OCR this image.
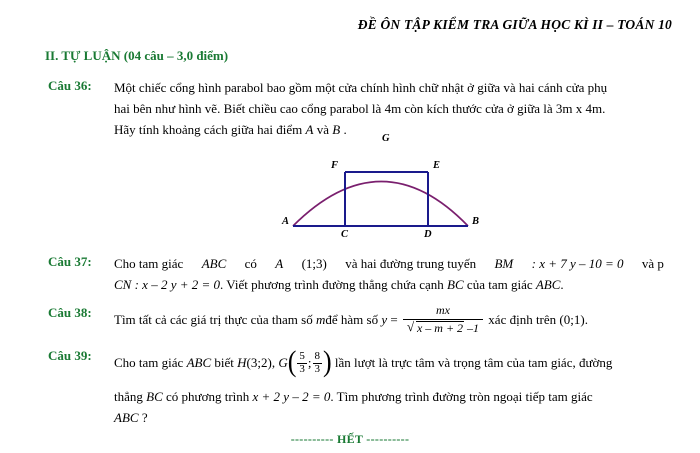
ĐỀ ÔN TẬP KIỂM TRA GIỮA HỌC KÌ II – TOÁN 10
II. TỰ LUẬN (04 câu – 3,0 điểm)
Câu 36:	Một chiếc cổng hình parabol bao gồm một cửa chính hình chữ nhật ở giữa và hai cánh cửa phụ
hai bên như hình vẽ. Biết chiều cao cổng parabol là 4m còn kích thước cửa ở giữa là 3m x 4m.
Hãy tính khoảng cách giữa hai điểm A và B .
G
F	E
A	B
C	D
Câu 37:	Cho tam giác ABC có A (1;3) và hai đường trung tuyến BM : x + 7 y – 10 = 0 và p
CN : x – 2 y + 2 = 0. Viết phương trình đường thẳng chứa cạnh BC của tam giác ABC.
Câu 38:	Tìm tất cả các giá trị thực của tham số mđể hàm số y = mx
√ x – m + 2 –1 xác định trên (0;1).
Câu 39:	Cho tam giác ABC biết H(3;2), $G( \frac{5}{3}$ ; $\frac{8}{3}$ ) lần lượt là trực tâm và trọng tâm của tam giác, đường
thẳng BC có phương trình x + 2 y – 2 = 0. Tìm phương trình đường tròn ngoại tiếp tam giác
ABC ?
---------- HẾT ----------
